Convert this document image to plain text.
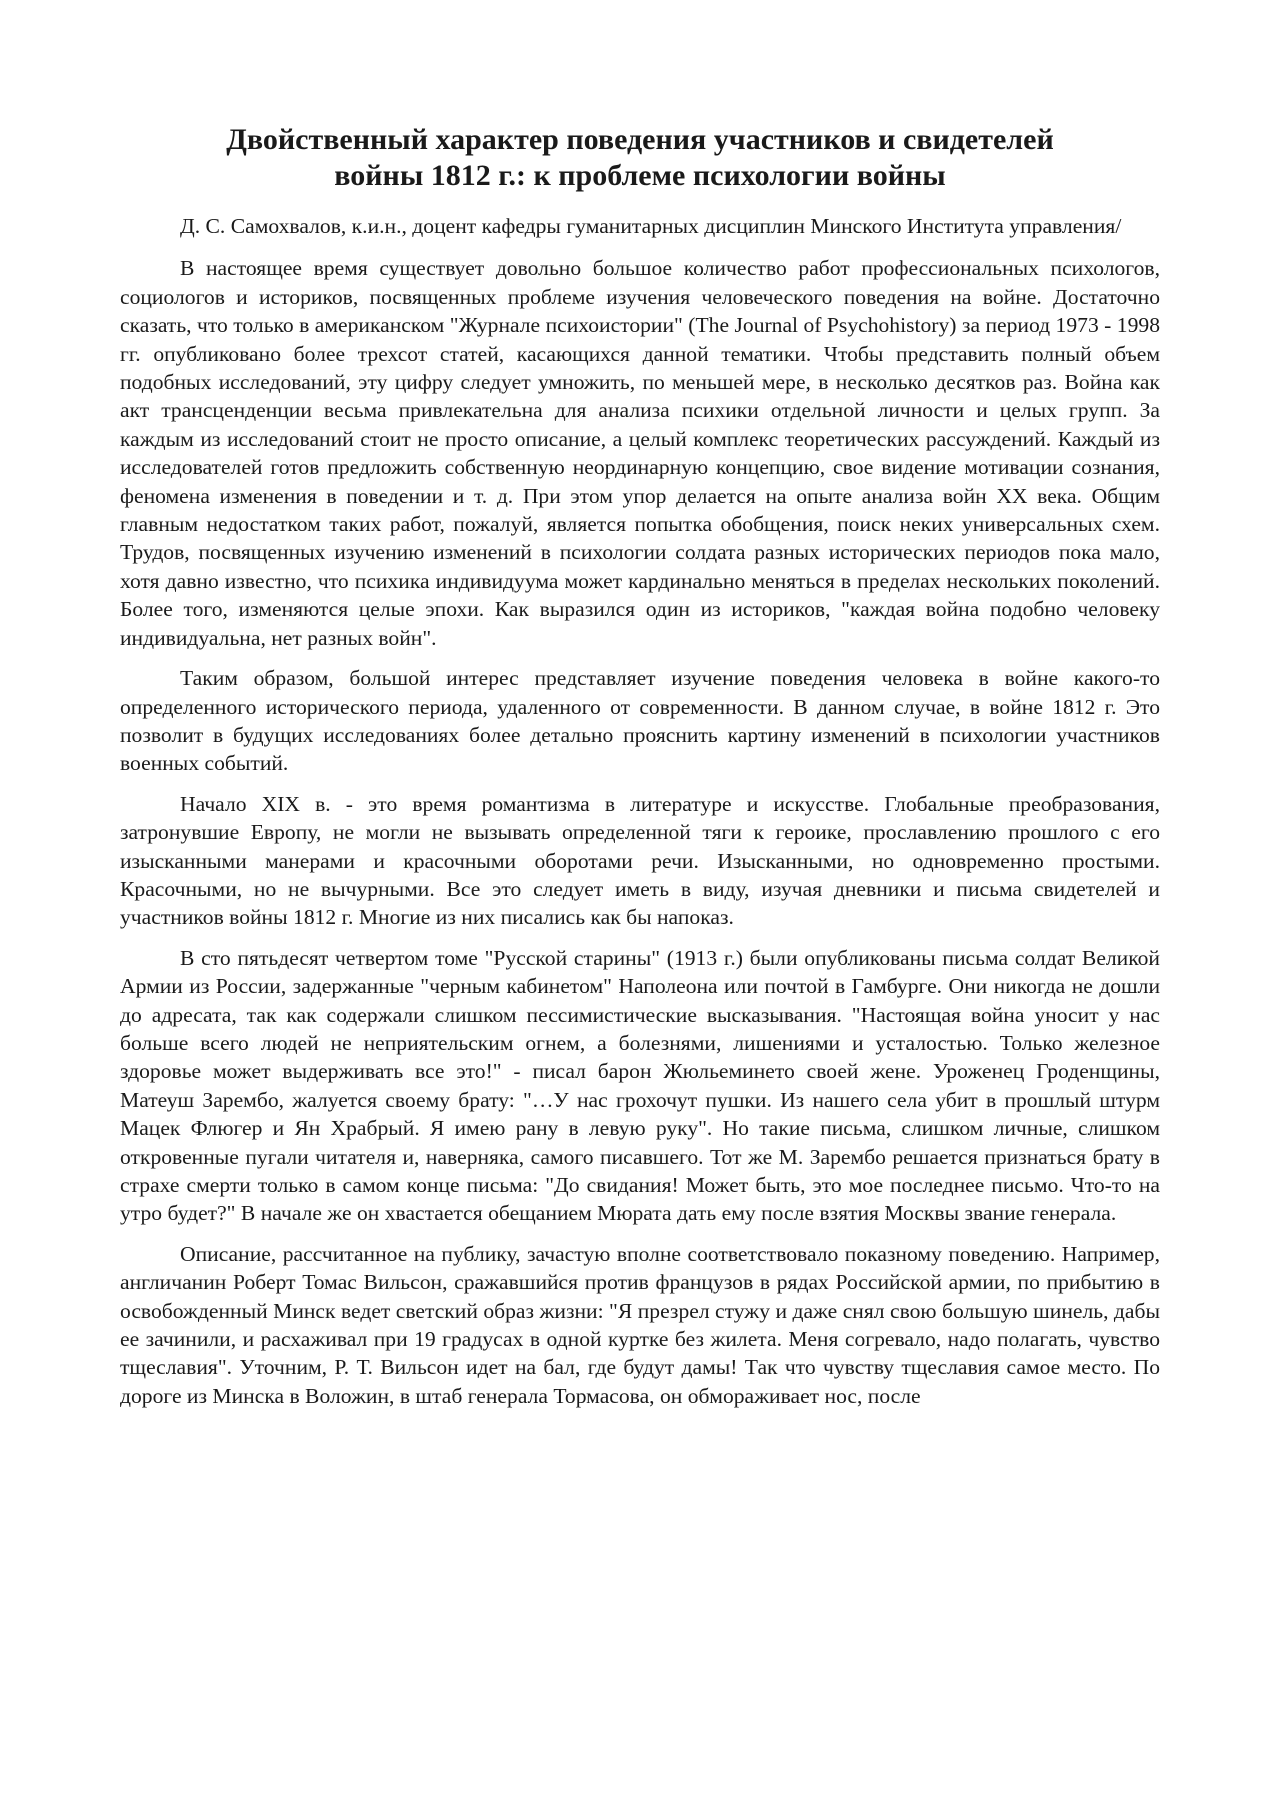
Двойственный характер поведения участников и свидетелей
войны 1812 г.: к проблеме психологии войны

Д. С. Самохвалов, к.и.н., доцент кафедры гуманитарных дисциплин Минского Института управления/

В настоящее время существует довольно большое количество работ профессиональных психологов, социологов и историков, посвященных проблеме изучения человеческого поведения на войне. Достаточно сказать, что только в американском "Журнале психоистории" (The Journal of Psychohistory) за период 1973 - 1998 гг. опубликовано более трехсот статей, касающихся данной тематики. Чтобы представить полный объем подобных исследований, эту цифру следует умножить, по меньшей мере, в несколько десятков раз. Война как акт трансценденции весьма привлекательна для анализа психики отдельной личности и целых групп. За каждым из исследований стоит не просто описание, а целый комплекс теоретических рассуждений. Каждый из исследователей готов предложить собственную неординарную концепцию, свое видение мотивации сознания, феномена изменения в поведении и т. д. При этом упор делается на опыте анализа войн XX века. Общим главным недостатком таких работ, пожалуй, является попытка обобщения, поиск неких универсальных схем. Трудов, посвященных изучению изменений в психологии солдата разных исторических периодов пока мало, хотя давно известно, что психика индивидуума может кардинально меняться в пределах нескольких поколений. Более того, изменяются целые эпохи. Как выразился один из историков, "каждая война подобно человеку индивидуальна, нет разных войн".

Таким образом, большой интерес представляет изучение поведения человека в войне какого-то определенного исторического периода, удаленного от современности. В данном случае, в войне 1812 г. Это позволит в будущих исследованиях более детально прояснить картину изменений в психологии участников военных событий.

Начало XIX в. - это время романтизма в литературе и искусстве. Глобальные преобразования, затронувшие Европу, не могли не вызывать определенной тяги к героике, прославлению прошлого с его изысканными манерами и красочными оборотами речи. Изысканными, но одновременно простыми. Красочными, но не вычурными. Все это следует иметь в виду, изучая дневники и письма свидетелей и участников войны 1812 г. Многие из них писались как бы напоказ.

В сто пятьдесят четвертом томе "Русской старины" (1913 г.) были опубликованы письма солдат Великой Армии из России, задержанные "черным кабинетом" Наполеона или почтой в Гамбурге. Они никогда не дошли до адресата, так как содержали слишком пессимистические высказывания. "Настоящая война уносит у нас больше всего людей не неприятельским огнем, а болезнями, лишениями и усталостью. Только железное здоровье может выдерживать все это!" - писал барон Жюльеминето своей жене. Уроженец Гроденщины, Матеуш Зарембо, жалуется своему брату: "…У нас грохочут пушки. Из нашего села убит в прошлый штурм Мацек Флюгер и Ян Храбрый. Я имею рану в левую руку". Но такие письма, слишком личные, слишком откровенные пугали читателя и, наверняка, самого писавшего. Тот же М. Зарембо решается признаться брату в страхе смерти только в самом конце письма: "До свидания! Может быть, это мое последнее письмо. Что-то на утро будет?" В начале же он хвастается обещанием Мюрата дать ему после взятия Москвы звание генерала.

Описание, рассчитанное на публику, зачастую вполне соответствовало показному поведению. Например, англичанин Роберт Томас Вильсон, сражавшийся против французов в рядах Российской армии, по прибытию в освобожденный Минск ведет светский образ жизни: "Я презрел стужу и даже снял свою большую шинель, дабы ее зачинили, и расхаживал при 19 градусах в одной куртке без жилета. Меня согревало, надо полагать, чувство тщеславия". Уточним, Р. Т. Вильсон идет на бал, где будут дамы! Так что чувству тщеславия самое место. По дороге из Минска в Воложин, в штаб генерала Тормасова, он обмораживает нос, после
